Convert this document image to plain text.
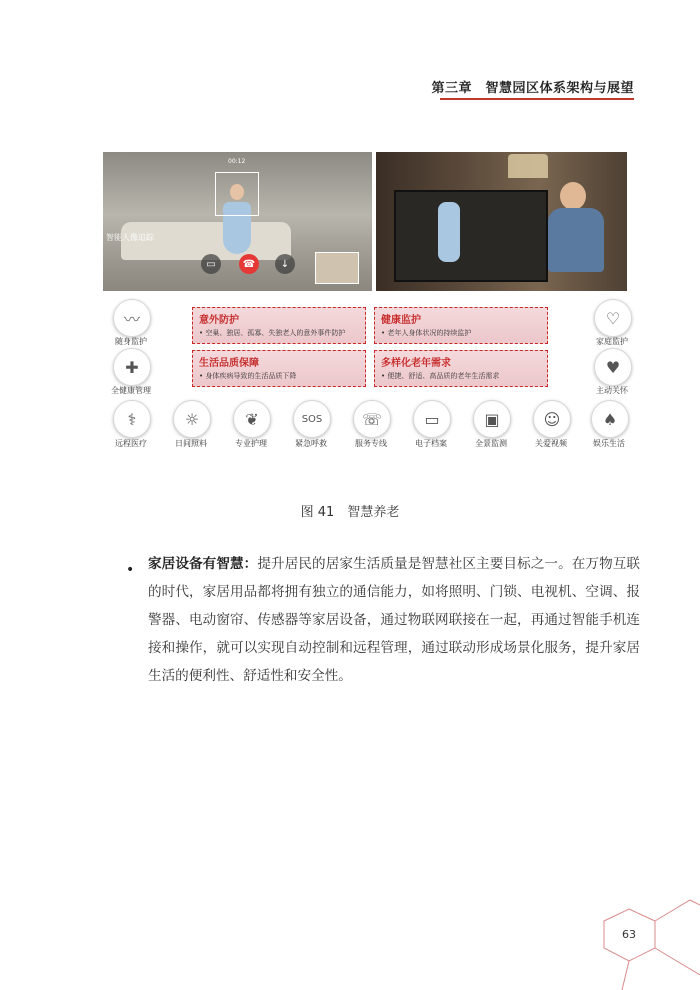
第三章　智慧园区体系架构与展望
00:12
智能人像追踪
▭	☎	↓
〰
随身监护
♡
家庭监护
✚
全健康管理
♥
主动关怀
意外防护
• 空巢、独居、孤寡、失独老人的意外事件防护
健康监护
• 老年人身体状况的持续监护
生活品质保障
• 身体疾病导致的生活品质下降
多样化老年需求
• 便捷、舒适、高品质的老年生活需求
⚕
远程医疗
☼
日间照料
❦
专业护理
SOS
紧急呼救
☏
服务专线
▭
电子档案
▣
全景监测
☺
关爱视频
♠
娱乐生活
图 41　智慧养老
• 家居设备有智慧：提升居民的居家生活质量是智慧社区主要目标之一。在万物互联的时代，家居用品都将拥有独立的通信能力，如将照明、门锁、电视机、空调、报警器、电动窗帘、传感器等家居设备，通过物联网联接在一起，再通过智能手机连接和操作，就可以实现自动控制和远程管理，通过联动形成场景化服务，提升家居生活的便利性、舒适性和安全性。
63
